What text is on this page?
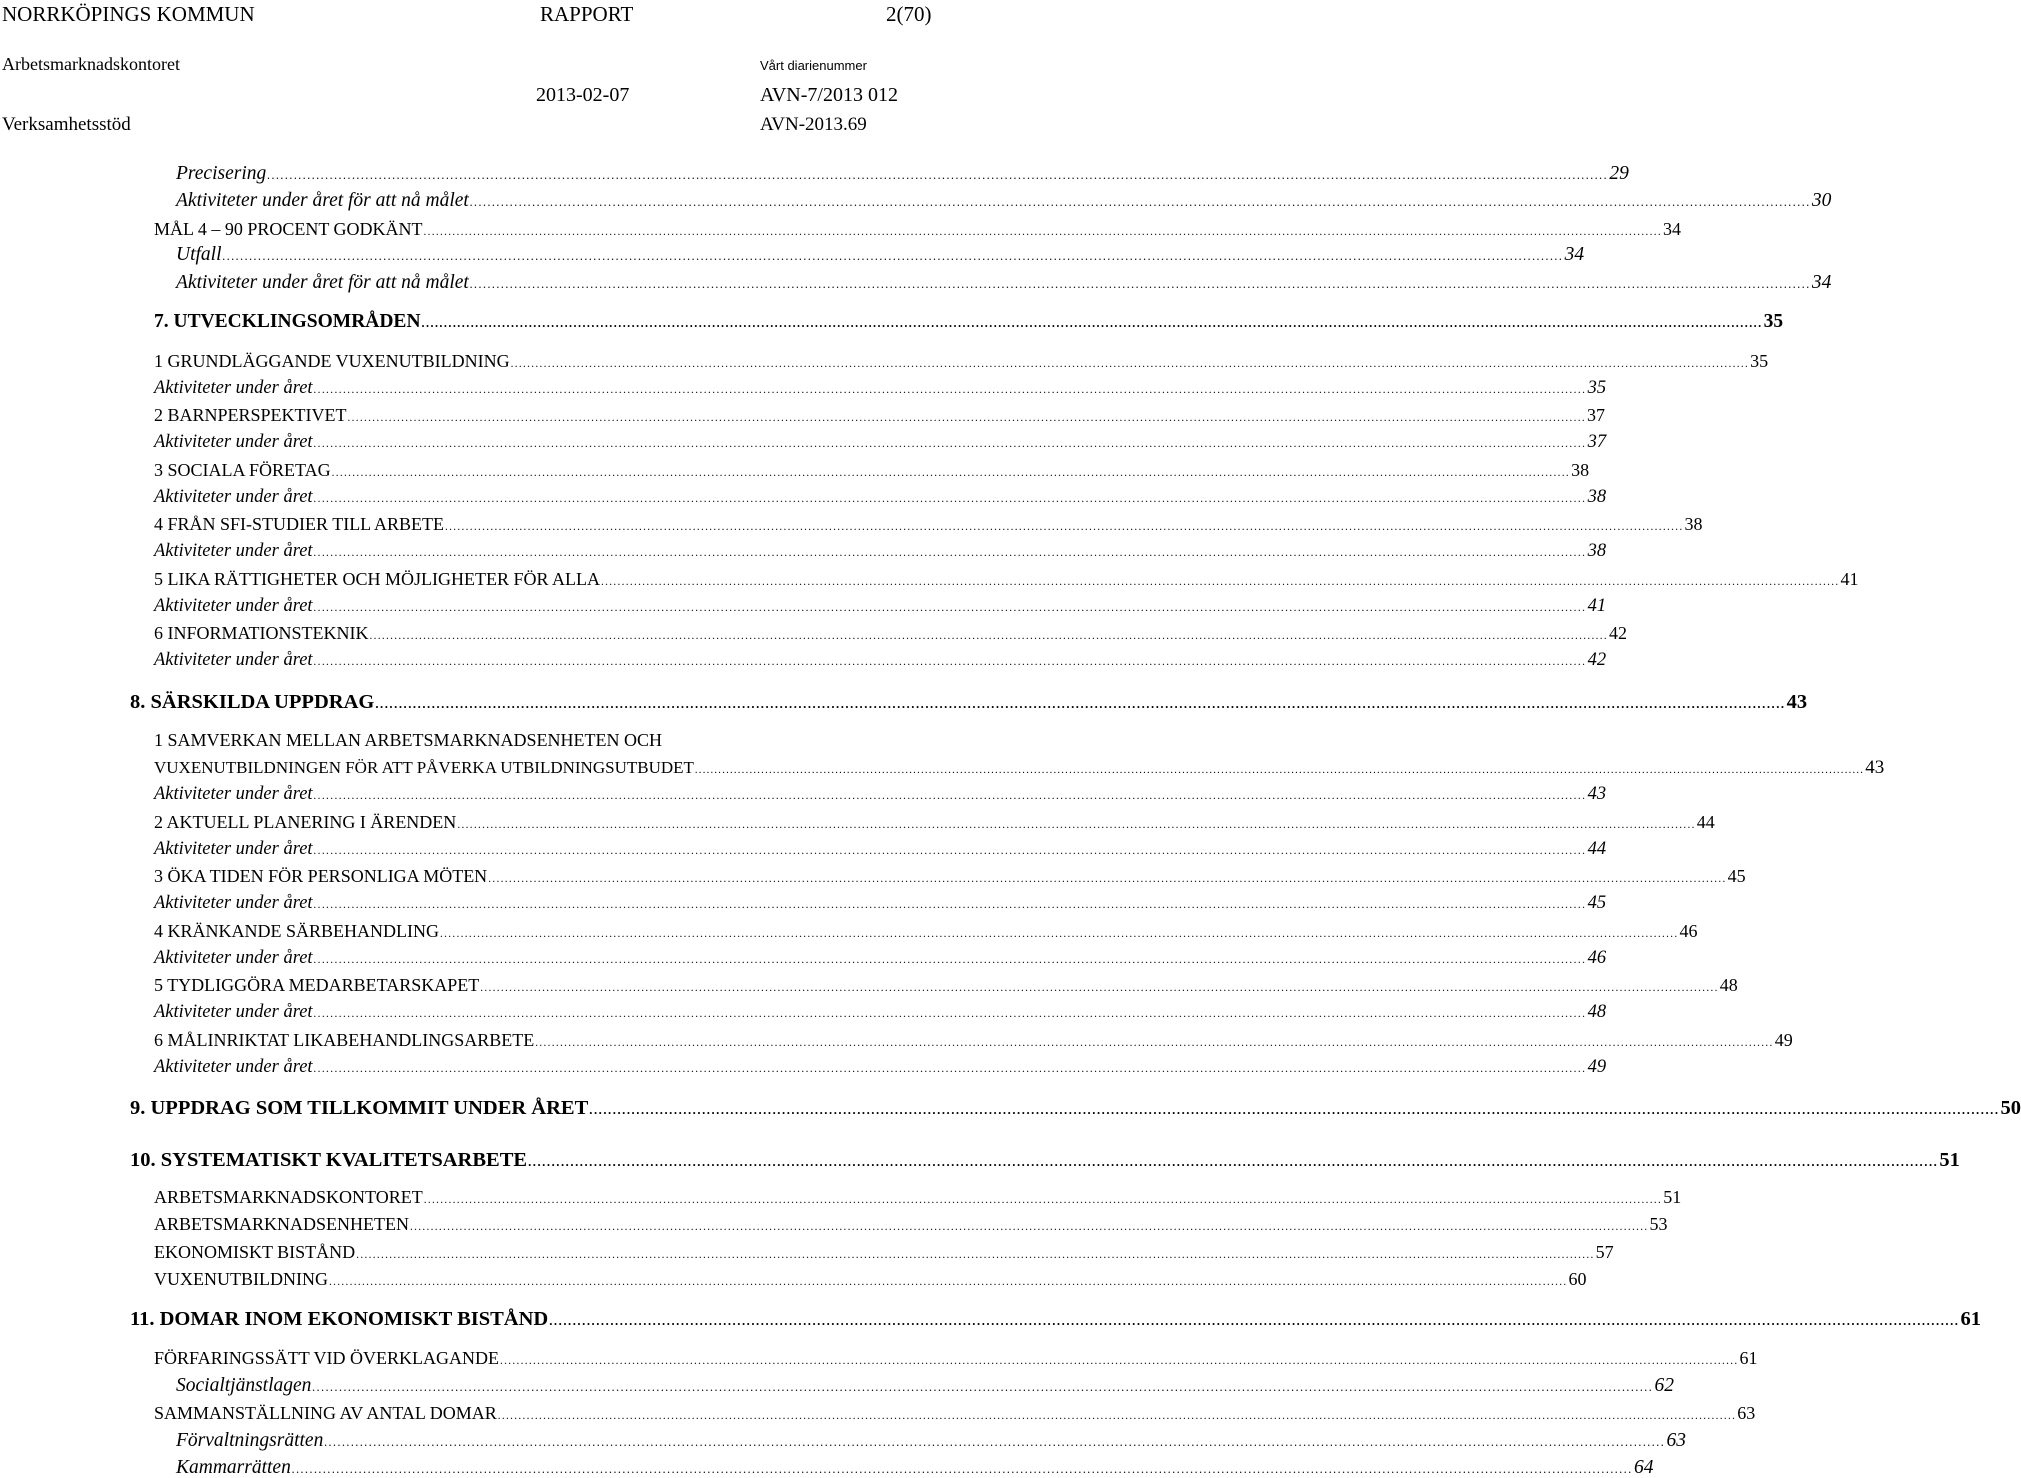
NORRKÖPINGS KOMMUN	RAPPORT	2(70)
Arbetsmarknadskontoret	Vårt diarienummer
2013-02-07	AVN-7/2013 012
Verksamhetsstöd	AVN-2013.69
Precisering ............................................................................................................................................................................................................................................................................................................ 29
Aktiviteter under året för att nå målet ............................................................................................................................................................................................................................................................................................................ 30
MÅL 4 – 90 PROCENT GODKÄNT ............................................................................................................................................................................................................................................................................................................ 34
Utfall ............................................................................................................................................................................................................................................................................................................ 34
Aktiviteter under året för att nå målet ............................................................................................................................................................................................................................................................................................................ 34
7. UTVECKLINGSOMRÅDEN ............................................................................................................................................................................................................................................................................................................ 35
1 GRUNDLÄGGANDE VUXENUTBILDNING ............................................................................................................................................................................................................................................................................................................ 35
Aktiviteter under året ............................................................................................................................................................................................................................................................................................................ 35
2 BARNPERSPEKTIVET ............................................................................................................................................................................................................................................................................................................ 37
Aktiviteter under året ............................................................................................................................................................................................................................................................................................................ 37
3 SOCIALA FÖRETAG ............................................................................................................................................................................................................................................................................................................ 38
Aktiviteter under året ............................................................................................................................................................................................................................................................................................................ 38
4 FRÅN SFI-STUDIER TILL ARBETE ............................................................................................................................................................................................................................................................................................................ 38
Aktiviteter under året ............................................................................................................................................................................................................................................................................................................ 38
5 LIKA RÄTTIGHETER OCH MÖJLIGHETER FÖR ALLA ............................................................................................................................................................................................................................................................................................................ 41
Aktiviteter under året ............................................................................................................................................................................................................................................................................................................ 41
6 INFORMATIONSTEKNIK ............................................................................................................................................................................................................................................................................................................ 42
Aktiviteter under året ............................................................................................................................................................................................................................................................................................................ 42
8. SÄRSKILDA UPPDRAG ............................................................................................................................................................................................................................................................................................................ 43
1 SAMVERKAN MELLAN ARBETSMARKNADSENHETEN OCH
VUXENUTBILDNINGEN FÖR ATT PÅVERKA UTBILDNINGSUTBUDET ............................................................................................................................................................................................................................................................................................................ 43
Aktiviteter under året ............................................................................................................................................................................................................................................................................................................ 43
2 AKTUELL PLANERING I ÄRENDEN ............................................................................................................................................................................................................................................................................................................ 44
Aktiviteter under året ............................................................................................................................................................................................................................................................................................................ 44
3 ÖKA TIDEN FÖR PERSONLIGA MÖTEN ............................................................................................................................................................................................................................................................................................................ 45
Aktiviteter under året ............................................................................................................................................................................................................................................................................................................ 45
4 KRÄNKANDE SÄRBEHANDLING ............................................................................................................................................................................................................................................................................................................ 46
Aktiviteter under året ............................................................................................................................................................................................................................................................................................................ 46
5 TYDLIGGÖRA MEDARBETARSKAPET ............................................................................................................................................................................................................................................................................................................ 48
Aktiviteter under året ............................................................................................................................................................................................................................................................................................................ 48
6 MÅLINRIKTAT LIKABEHANDLINGSARBETE ............................................................................................................................................................................................................................................................................................................ 49
Aktiviteter under året ............................................................................................................................................................................................................................................................................................................ 49
9. UPPDRAG SOM TILLKOMMIT UNDER ÅRET ............................................................................................................................................................................................................................................................................................................ 50
10. SYSTEMATISKT KVALITETSARBETE ............................................................................................................................................................................................................................................................................................................ 51
ARBETSMARKNADSKONTORET ............................................................................................................................................................................................................................................................................................................ 51
ARBETSMARKNADSENHETEN ............................................................................................................................................................................................................................................................................................................ 53
EKONOMISKT BISTÅND ............................................................................................................................................................................................................................................................................................................ 57
VUXENUTBILDNING ............................................................................................................................................................................................................................................................................................................ 60
11. DOMAR INOM EKONOMISKT BISTÅND ............................................................................................................................................................................................................................................................................................................ 61
FÖRFARINGSSÄTT VID ÖVERKLAGANDE ............................................................................................................................................................................................................................................................................................................ 61
Socialtjänstlagen ............................................................................................................................................................................................................................................................................................................ 62
SAMMANSTÄLLNING AV ANTAL DOMAR ............................................................................................................................................................................................................................................................................................................ 63
Förvaltningsrätten ............................................................................................................................................................................................................................................................................................................ 63
Kammarrätten ............................................................................................................................................................................................................................................................................................................ 64
